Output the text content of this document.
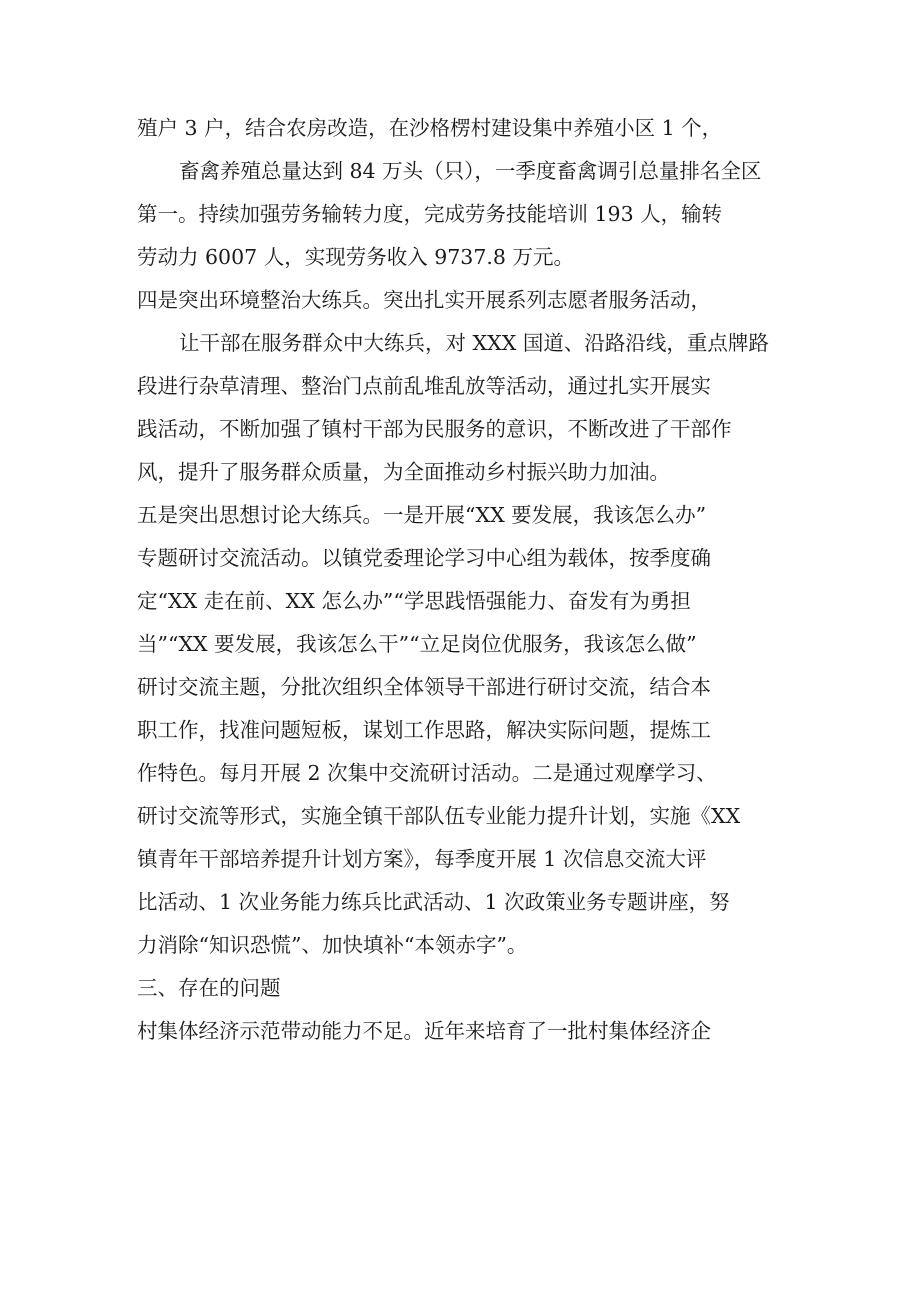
殖户 3 户，结合农房改造，在沙格楞村建设集中养殖小区 1 个，
畜禽养殖总量达到 84 万头（只），一季度畜禽调引总量排名全区
第一。持续加强劳务输转力度，完成劳务技能培训 193 人，输转
劳动力 6007 人，实现劳务收入 9737.8 万元。
四是突出环境整治大练兵。突出扎实开展系列志愿者服务活动，
让干部在服务群众中大练兵，对 XXX 国道、沿路沿线，重点牌路
段进行杂草清理、整治门点前乱堆乱放等活动，通过扎实开展实
践活动，不断加强了镇村干部为民服务的意识，不断改进了干部作
风，提升了服务群众质量，为全面推动乡村振兴助力加油。
五是突出思想讨论大练兵。一是开展“XX 要发展，我该怎么办”
专题研讨交流活动。以镇党委理论学习中心组为载体，按季度确
定“XX 走在前、XX 怎么办”“学思践悟强能力、奋发有为勇担
当”“XX 要发展，我该怎么干”“立足岗位优服务，我该怎么做”
研讨交流主题，分批次组织全体领导干部进行研讨交流，结合本
职工作，找准问题短板，谋划工作思路，解决实际问题，提炼工
作特色。每月开展 2 次集中交流研讨活动。二是通过观摩学习、
研讨交流等形式，实施全镇干部队伍专业能力提升计划，实施《XX
镇青年干部培养提升计划方案》，每季度开展 1 次信息交流大评
比活动、1 次业务能力练兵比武活动、1 次政策业务专题讲座，努
力消除“知识恐慌”、加快填补“本领赤字”。
三、存在的问题
村集体经济示范带动能力不足。近年来培育了一批村集体经济企
